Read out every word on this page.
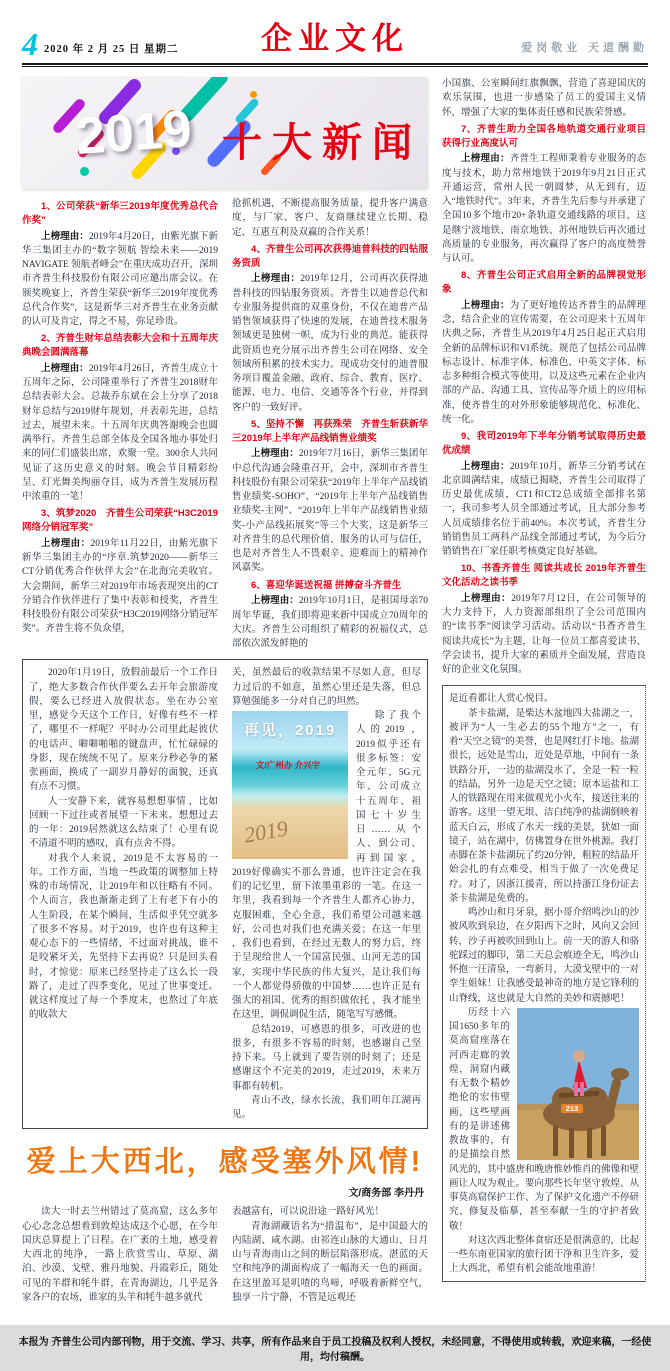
4 2020 年 2 月 25 日 星期二	企业文化	爱岗敬业 天道酬勤
2019 十大新闻

1、公司荣获“新华三2019年度优秀总代合作奖”

上榜理由：2019年4月20日，由紫光旗下新华三集团主办的“数字领航 智绘未来——2019 NAVIGATE 领航者峰会”在重庆成功召开，深圳市齐普生科技股份有限公司应邀出席会议。在颁奖晚宴上，齐普生荣获“新华三2019年度优秀总代合作奖”，这是新华三对齐普生在业务贡献的认可及肯定，得之不易，弥足珍贵。

2、齐普生财年总结表彰大会和十五周年庆典晚会圆满落幕

上榜理由：2019年4月26日，齐普生成立十五周年之际，公司隆重举行了齐普生2018财年总结表彰大会。总裁乔东斌在会上分享了2018财年总结与2019财年规划，并表彰先进，总结过去，展望未来。十五周年庆典答谢晚会也圆满举行。齐普生总部全体及全国各地办事处归来的同仁们盛装出席，欢聚一堂。300余人共同见证了这历史意义的时刻。晚会节目精彩纷呈、灯光舞美绚丽夺目，成为齐普生发展历程中浓重的一笔！

3、筑梦2020　齐普生公司荣获“H3C2019网络分销冠军奖”

上榜理由：2019年11月22日，由紫光旗下新华三集团主办的“序章.筑梦2020——新华三CT分销优秀合作伙伴大会”在北海完美收官。大会期间，新华三对2019年市场表现突出的CT分销合作伙伴进行了集中表彰和授奖，齐普生科技股份有限公司荣获“H3C2019网络分销冠军奖”。齐普生将不负众望，

抢抓机遇，不断提高服务质量，提升客户满意度，与厂家、客户、友商继续建立长期、稳定、互惠互利及双赢的合作关系！

4、齐普生公司再次获得迪普科技的四钻服务资质

上榜理由：2019年12月，公司再次获得迪普科技的四钻服务资质。齐普生以迪普总代和专业服务提供商的双重身份，不仅在迪普产品销售领域获得了快速的发展，在迪普技术服务领域更是独树一帜，成为行业的典范。能获得此资质也充分展示出齐普生公司在网络、安全领域所积累的技术实力。现成功交付的迪普服务项目覆盖金融、政府、综合、教育、医疗、能源、电力、电信、交通等各个行业，并得到客户的一致好评。

5、坚持不懈　再获殊荣　齐普生斩获新华三2019年上半年产品线销售业绩奖

上榜理由：2019年7月16日，新华三集团年中总代沟通会隆重召开，会中，深圳市齐普生科技股份有限公司荣获“2019年上半年产品线销售业绩奖-SOHO”、“2019年上半年产品线销售业绩奖-主网”、“2019年上半年产品线销售业绩奖-小产品线拓展奖”等三个大奖，这是新华三对齐普生的总代理价值、服务的认可与信任，也是对齐普生人不畏艰辛、迎难而上的精神作风嘉奖。

6、喜迎华诞送祝福 拼搏奋斗齐普生

上榜理由：2019年10月1日，是祖国母亲70周年华诞，我们即将迎来新中国成立70周年的大庆。齐普生公司组织了精彩的祝福仪式，总部依次派发鲜艳的

2020年1月19日，放假前最后一个工作日了，绝大多数合作伙伴要么去开年会旅游度假，要么已经进入放假状态。坐在办公室里，感觉今天这个工作日，好像有些不一样了，哪里不一样呢？平时办公司里此起彼伏的电话声、噼噼啪啪的键盘声，忙忙碌碌的身影，现在统统不见了。原来分秒必争的紧张画面，换成了一副岁月静好的面貌，还真有点不习惯。

人一安静下来，就容易想想事情 ，比如回顾一下过往或者展望一下未来。想想过去的一年：2019居然就这么结束了！心里有说不清道不明的感叹，真有点舍不得。

对我个人来说，2019是不太容易的一年。工作方面，当地一些政策的调整加上特殊的市场情况，让2019年和以往略有不同。个人而言，我也渐渐走到了上有老下有小的人生阶段，在某个瞬间，生活似乎凭空就多了很多不容易。对于2019，也许也有这种主观心态下的一些情绪，不过面对挑战，谁不是咬紧牙关，先坚持下去再说？只是回头看时，才惊觉：原来已经坚持走了这么长一段路了，走过了四季变化，见过了世事变迁。就这样度过了每一个季度末，也熬过了年底的收款大

关，虽然最后的收款结果不尽如人意，但尽力过后的不如意，虽然心里还是失落，但总算勉强能多一分对自己的坦然。

再见，2019
文/广州办 介兴宇
2019

除了我个人的2019 ，2019似乎还有很多标签：安全元年、5G元年、公司成立十五周年、祖国七十岁生日……从个人、到公司、再到国家，2019好像确实不那么普通，也许注定会在我们的记忆里，留下浓墨重彩的一笔。在这一年里，我看到每一个齐普生人都齐心协力，克服困难，全心全意，我们希望公司越来越好，公司也对我们也充满关爱；在这一年里 ，我们也看到，在经过无数人的努力后，终于呈现给世人一个国富民强、山河无恙的国家，实现中华民族的伟大复兴，是让我们每一个人都觉得骄傲的中国梦……也许正是有强大的祖国、优秀的组织做依托 ，我才能坐在这里，调侃调侃生活，随笔写写感慨。

总结2019，可感恩的很多，可改进的也很多，有很多不容易的时刻，也感谢自己坚持下来。马上就到了要告别的时刻了；还是感谢这个不完美的2019，走过2019，未来万事都有转机。

青山不改，绿水长流，我们明年江湖再见。

爱上大西北，感受塞外风情!
文/商务部 李丹丹

读大一时去兰州错过了莫高窟，这么多年心心念念总想着到敦煌达成这个心愿，在今年国庆总算提上了日程。在广袤的土地，感受着大西北的纯净，一路上欣赏雪山、草原、湖泊、沙漠、戈壁、雅丹地貌、丹霞彩丘，随处可见的羊群和牦牛群，在青海湖边，几乎是各家各户的农场，谁家的头羊和牦牛越多就代

表越富有，可以说沿途一路好风光！

青海湖藏语名为“措温布”，是中国最大的内陆湖、咸水湖。由祁连山脉的大通山、日月山与青海南山之间的断层陷落形成。湛蓝的天空和纯净的湖面构成了一幅海天一色的画面。在这里盈耳是叽喳的鸟啼，呼吸着新鲜空气，独享一片宁静，不管是远观还

小国旗、公室瞬间红旗飘飘，营造了喜迎国庆的欢乐氛围，也进一步感染了员工的爱国主义情怀，增强了大家的集体责任感和民族荣誉感。

7、齐普生助力全国各地轨道交通行业项目　获得行业高度认可

上榜理由：齐普生工程师秉着专业服务的态度与技术，助力常州地铁于2019年9月21日正式开通运营，常州人民一朝圆梦，从无到有，迈入“地铁时代”。3年来，齐普生先后参与并承建了全国10多个地市20+条轨道交通线路的项目，这是继宁波地铁、南京地铁、苏州地铁后再次通过高质量的专业服务，再次赢得了客户的高度赞誉与认可。

8、齐普生公司正式启用全新的品牌视觉形象

上榜理由：为了更好地传达齐普生的品牌理念，结合企业的宣传需要，在公司迎来十五周年庆典之际，齐普生从2019年4月25日起正式启用全新的品牌标识和VI系统。规范了包括公司品牌标志设计、标准字体、标准色、中英文字体、标志多种组合模式等使用，以及这些元素在企业内部的产品、沟通工具、宣传品等介质上的应用标准，使齐普生的对外形象能够规范化、标准化、统一化。

9、我司2019年下半年分销考试取得历史最优成绩

上榜理由：2019年10月，新华三分销考试在北京圆满结束，成绩已揭晓，齐普生公司取得了历史最优成绩，CT1和CT2总成绩全部排名第一，我司参考人员全部通过考试，且大部分参考人员成绩排名位于前40%。本次考试，齐普生分销销售员工两科产品线全部通过考试，为今后分销销售在厂家任职考核奠定良好基础。

10、书香齐普生 阅读共成长 2019年齐普生文化活动之读书季

上榜理由：2019年7月12日，在公司领导的大力支持下，人力资源部组织了全公司范围内的“读书季”阅读学习活动。活动以“书香齐普生 阅读共成长”为主题，让每一位员工都喜爱读书、学会读书，提升大家的素质并全面发展，营造良好的企业文化氛围。

是近看都让人赏心悦目。

茶卡盐湖，是柴达木盆地四大盐湖之一，被评为“人一生必去的55个地方”之一，有着“天空之镜”的美誉，也是网红打卡地。盐湖很长，远处是雪山，近处是草地，中间有一条铁路分开，一边的盐湖没水了，全是一粒一粒的结晶，另外一边是天空之镜；原本运盐和工人的铁路现在用来做观光小火车，接送往来的游客。这里一望无垠、洁白纯净的盐湖倒映着蓝天白云，形成了水天一线的美景，犹如一面镜子，站在湖中，仿佛置身在世外桃源。我打赤脚在茶卡盐湖玩了约20分钟，粗粒的结晶开始会扎的有点难受，相当于做了一次免费足疗。对了，因浙江援青，所以持浙江身份证去茶卡盐湖是免费的。

鸣沙山和月牙泉，据小哥介绍鸣沙山的沙被风吹到泉边，在夕阳西下之时，风向又会回转，沙子再被吹回到山上。前一天的游人和骆驼踩过的脚印，第二天总会痕迹全无，鸣沙山怀抱一汪清泉，一弯新月，大漠戈壁中的一对孪生姐妹！让我感受最神奇的地方是它锋利的山脊线，这也就是大自然的美妙和震撼吧！

213

历经十六国1650多年的莫高窟座落在河西走廊的敦煌，洞窟内藏有无数个精妙绝伦的宏伟壁画，这些壁画有的是讲述佛教故事的，有的是描绘自然风光的，其中盛唐和晚唐惟妙惟肖的佛像和壁画让人叹为观止。要向那些长年坚守敦煌、从事莫高窟保护工作、为了保护文化遗产不停研究、修复及临摹，甚至奉献一生的守护者致敬！

对这次西北整体食宿还是很满意的，比起一些东南亚国家的旅行团干净和卫生许多，爱上大西北，希望有机会能故地重游！

本报为 齐普生公司内部刊物，用于交流、学习、共享，所有作品来自于员工投稿及权利人授权，未经同意，不得使用或转载，欢迎来稿，一经使用，均付稿酬。
